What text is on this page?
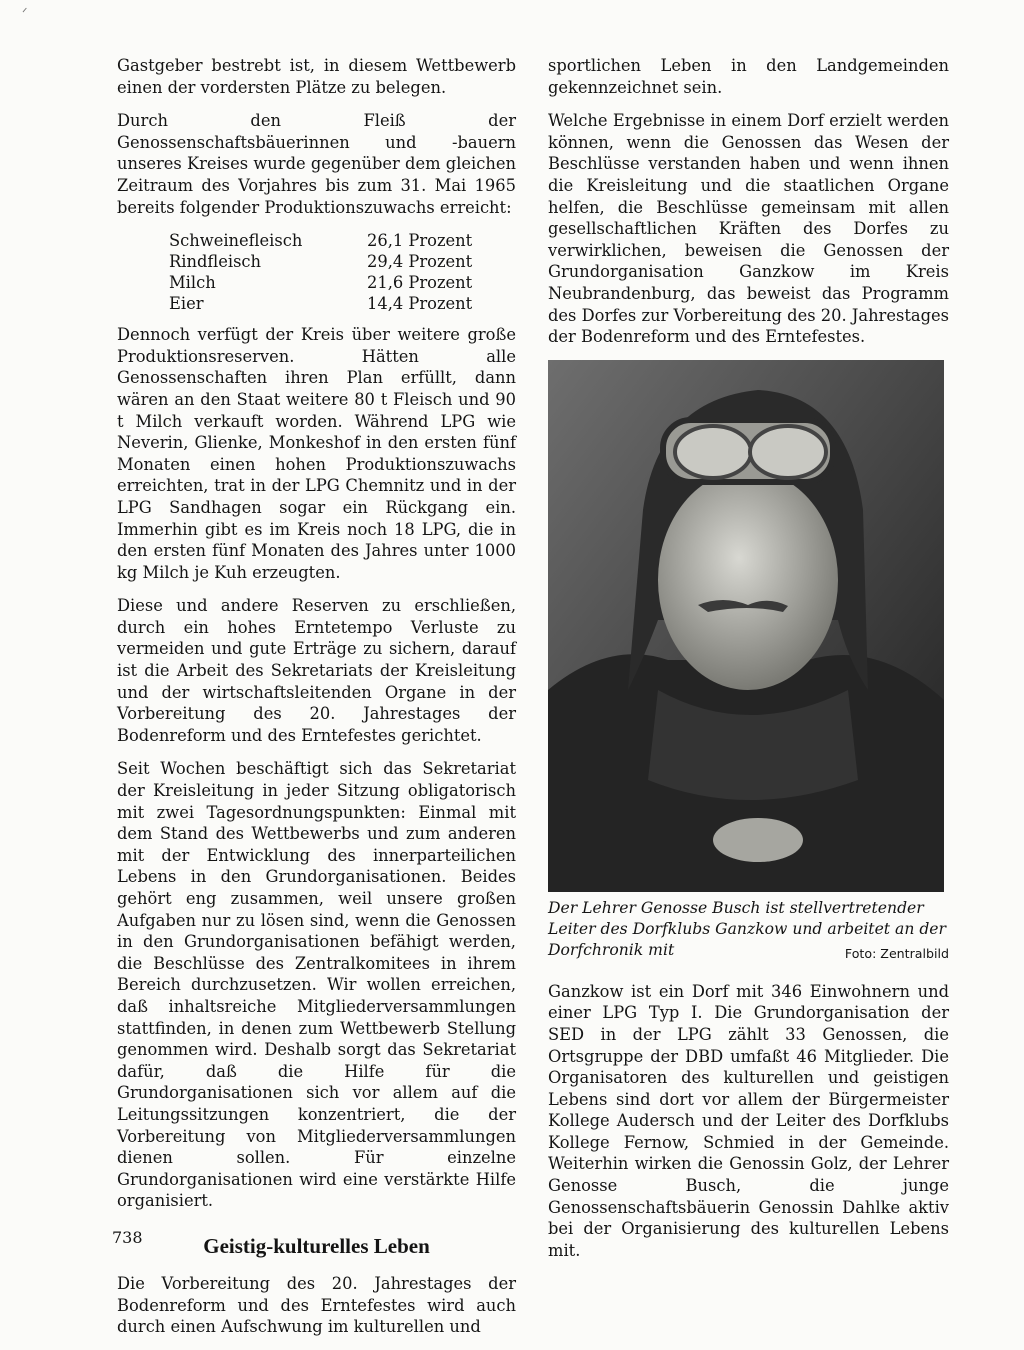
ᐟ

Gastgeber bestrebt ist, in diesem Wettbewerb einen der vordersten Plätze zu belegen.

Durch den Fleiß der Genossenschaftsbäuerinnen und -bauern unseres Kreises wurde gegenüber dem gleichen Zeitraum des Vorjahres bis zum 31. Mai 1965 bereits folgender Produktionszuwachs erreicht:

Schweinefleisch	26,1 Prozent
Rindfleisch	29,4 Prozent
Milch	21,6 Prozent
Eier	14,4 Prozent

Dennoch verfügt der Kreis über weitere große Produktionsreserven. Hätten alle Genossenschaften ihren Plan erfüllt, dann wären an den Staat weitere 80 t Fleisch und 90 t Milch verkauft worden. Während LPG wie Neverin, Glienke, Monkeshof in den ersten fünf Monaten einen hohen Produktionszuwachs erreichten, trat in der LPG Chemnitz und in der LPG Sandhagen sogar ein Rückgang ein. Immerhin gibt es im Kreis noch 18 LPG, die in den ersten fünf Monaten des Jahres unter 1000 kg Milch je Kuh erzeugten.

Diese und andere Reserven zu erschließen, durch ein hohes Erntetempo Verluste zu vermeiden und gute Erträge zu sichern, darauf ist die Arbeit des Sekretariats der Kreisleitung und der wirtschaftsleitenden Organe in der Vorbereitung des 20. Jahrestages der Bodenreform und des Erntefestes gerichtet.

Seit Wochen beschäftigt sich das Sekretariat der Kreisleitung in jeder Sitzung obligatorisch mit zwei Tagesordnungspunkten: Einmal mit dem Stand des Wettbewerbs und zum anderen mit der Entwicklung des innerparteilichen Lebens in den Grundorganisationen. Beides gehört eng zusammen, weil unsere großen Aufgaben nur zu lösen sind, wenn die Genossen in den Grundorganisationen befähigt werden, die Beschlüsse des Zentralkomitees in ihrem Bereich durchzusetzen. Wir wollen erreichen, daß inhaltsreiche Mitgliederversammlungen stattfinden, in denen zum Wettbewerb Stellung genommen wird. Deshalb sorgt das Sekretariat dafür, daß die Hilfe für die Grundorganisationen sich vor allem auf die Leitungssitzungen konzentriert, die der Vorbereitung von Mitgliederversammlungen dienen sollen. Für einzelne Grundorganisationen wird eine verstärkte Hilfe organisiert.

Geistig-kulturelles Leben

Die Vorbereitung des 20. Jahrestages der Bodenreform und des Erntefestes wird auch durch einen Aufschwung im kulturellen und

sportlichen Leben in den Landgemeinden gekennzeichnet sein.

Welche Ergebnisse in einem Dorf erzielt werden können, wenn die Genossen das Wesen der Beschlüsse verstanden haben und wenn ihnen die Kreisleitung und die staatlichen Organe helfen, die Beschlüsse gemeinsam mit allen gesellschaftlichen Kräften des Dorfes zu verwirklichen, beweisen die Genossen der Grundorganisation Ganzkow im Kreis Neubrandenburg, das beweist das Programm des Dorfes zur Vorbereitung des 20. Jahrestages der Bodenreform und des Erntefestes.

Der Lehrer Genosse Busch ist stellvertretender Leiter des Dorfklubs Ganzkow und arbeitet an der Dorfchronik mit	Foto: Zentralbild

Ganzkow ist ein Dorf mit 346 Einwohnern und einer LPG Typ I. Die Grundorganisation der SED in der LPG zählt 33 Genossen, die Ortsgruppe der DBD umfaßt 46 Mitglieder. Die Organisatoren des kulturellen und geistigen Lebens sind dort vor allem der Bürgermeister Kollege Audersch und der Leiter des Dorfklubs Kollege Fernow, Schmied in der Gemeinde. Weiterhin wirken die Genossin Golz, der Lehrer Genosse Busch, die junge Genossenschaftsbäuerin Genossin Dahlke aktiv bei der Organisierung des kulturellen Lebens mit.

738
